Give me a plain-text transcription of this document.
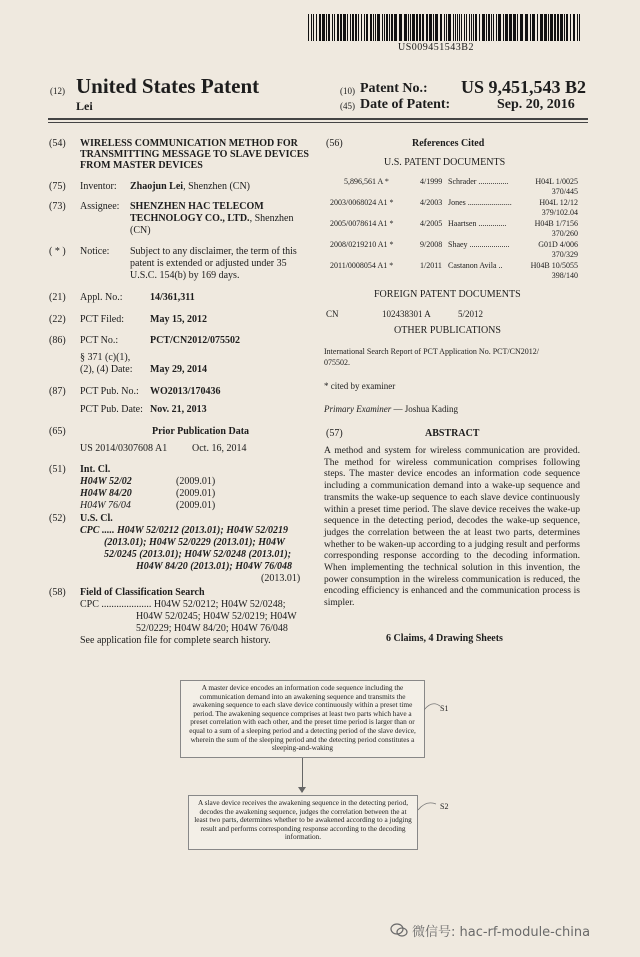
US009451543B2
(12) United States Patent
Lei
(10) Patent No.: US 9,451,543 B2
(45) Date of Patent:	Sep. 20, 2016
(54) WIRELESS COMMUNICATION METHOD FOR TRANSMITTING MESSAGE TO SLAVE DEVICES FROM MASTER DEVICES
(75) Inventor: Zhaojun Lei, Shenzhen (CN)
(73) Assignee: SHENZHEN HAC TELECOM
TECHNOLOGY CO., LTD., Shenzhen
(CN)
( * ) Notice: Subject to any disclaimer, the term of this
patent is extended or adjusted under 35
U.S.C. 154(b) by 169 days.
(21) Appl. No.:	14/361,311
(22) PCT Filed:	May 15, 2012
(86) PCT No.:	PCT/CN2012/075502
§ 371 (c)(1),
(2), (4) Date: May 29, 2014
(87) PCT Pub. No.: WO2013/170436
PCT Pub. Date: Nov. 21, 2013
(65)	Prior Publication Data
US 2014/0307608 A1 Oct. 16, 2014
(51) Int. Cl.
H04W 52/02	(2009.01)
H04W 84/20	(2009.01)
H04W 76/04	(2009.01)
(52) U.S. Cl.
CPC ..... H04W 52/0212 (2013.01); H04W 52/0219
(2013.01); H04W 52/0229 (2013.01); H04W
52/0245 (2013.01); H04W 52/0248 (2013.01);
H04W 84/20 (2013.01); H04W 76/048
(2013.01)
(58) Field of Classification Search
CPC .................... H04W 52/0212; H04W 52/0248;
H04W 52/0245; H04W 52/0219; H04W
52/0229; H04W 84/20; H04W 76/048
See application file for complete search history.
(56)	References Cited
U.S. PATENT DOCUMENTS
5,896,561 A *	4/1999 Schrader ...............	H04L 1/0025
370/445
2003/0068024 A1 *	4/2003 Jones ......................	H04L 12/12
379/102.04
2005/0078614 A1 *	4/2005 Haartsen ..............	H04B 1/7156
370/260
2008/0219210 A1 *	9/2008 Shaey ....................	G01D 4/006
370/329
2011/0008054 A1 *	1/2011 Castanon Avila ..	H04B 10/5055
398/140
FOREIGN PATENT DOCUMENTS
CN	102438301 A	5/2012
OTHER PUBLICATIONS
International Search Report of PCT Application No. PCT/CN2012/
075502.
* cited by examiner
Primary Examiner — Joshua Kading
(57)	ABSTRACT
A method and system for wireless communication are provided. The method for wireless communication comprises following steps. The master device encodes an information code sequence including a communication demand into a wake-up sequence and transmits the wake-up sequence to each slave device continuously within a preset time period. The slave device receives the wake-up sequence in the detecting period, decodes the wake-up sequence, judges the correlation between the at least two parts, determines whether to be waken-up according to a judging result and performs corresponding response according to the decoding information. When implementing the technical solution in this invention, the power consumption in the wireless communication is reduced, the encoding efficiency is enhanced and the communication process is simpler.
6 Claims, 4 Drawing Sheets
A master device encodes an information code sequence including the communication demand into an awakening sequence and transmits the awakening sequence to each slave device continuously within a preset time period. The awakening sequence comprises at least two parts which have a preset correlation with each other, and the preset time period is larger than or equal to a sum of a sleeping period and a detecting period of the slave device, wherein the sum of the sleeping period and the detecting period constitutes a sleeping-and-waking
S1
A slave device receives the awakening sequence in the detecting period, decodes the awakening sequence, judges the correlation between the at least two parts, determines whether to be awakened according to a judging result and performs corresponding response according to the decoding information.
S2
微信号: hac-rf-module-china
